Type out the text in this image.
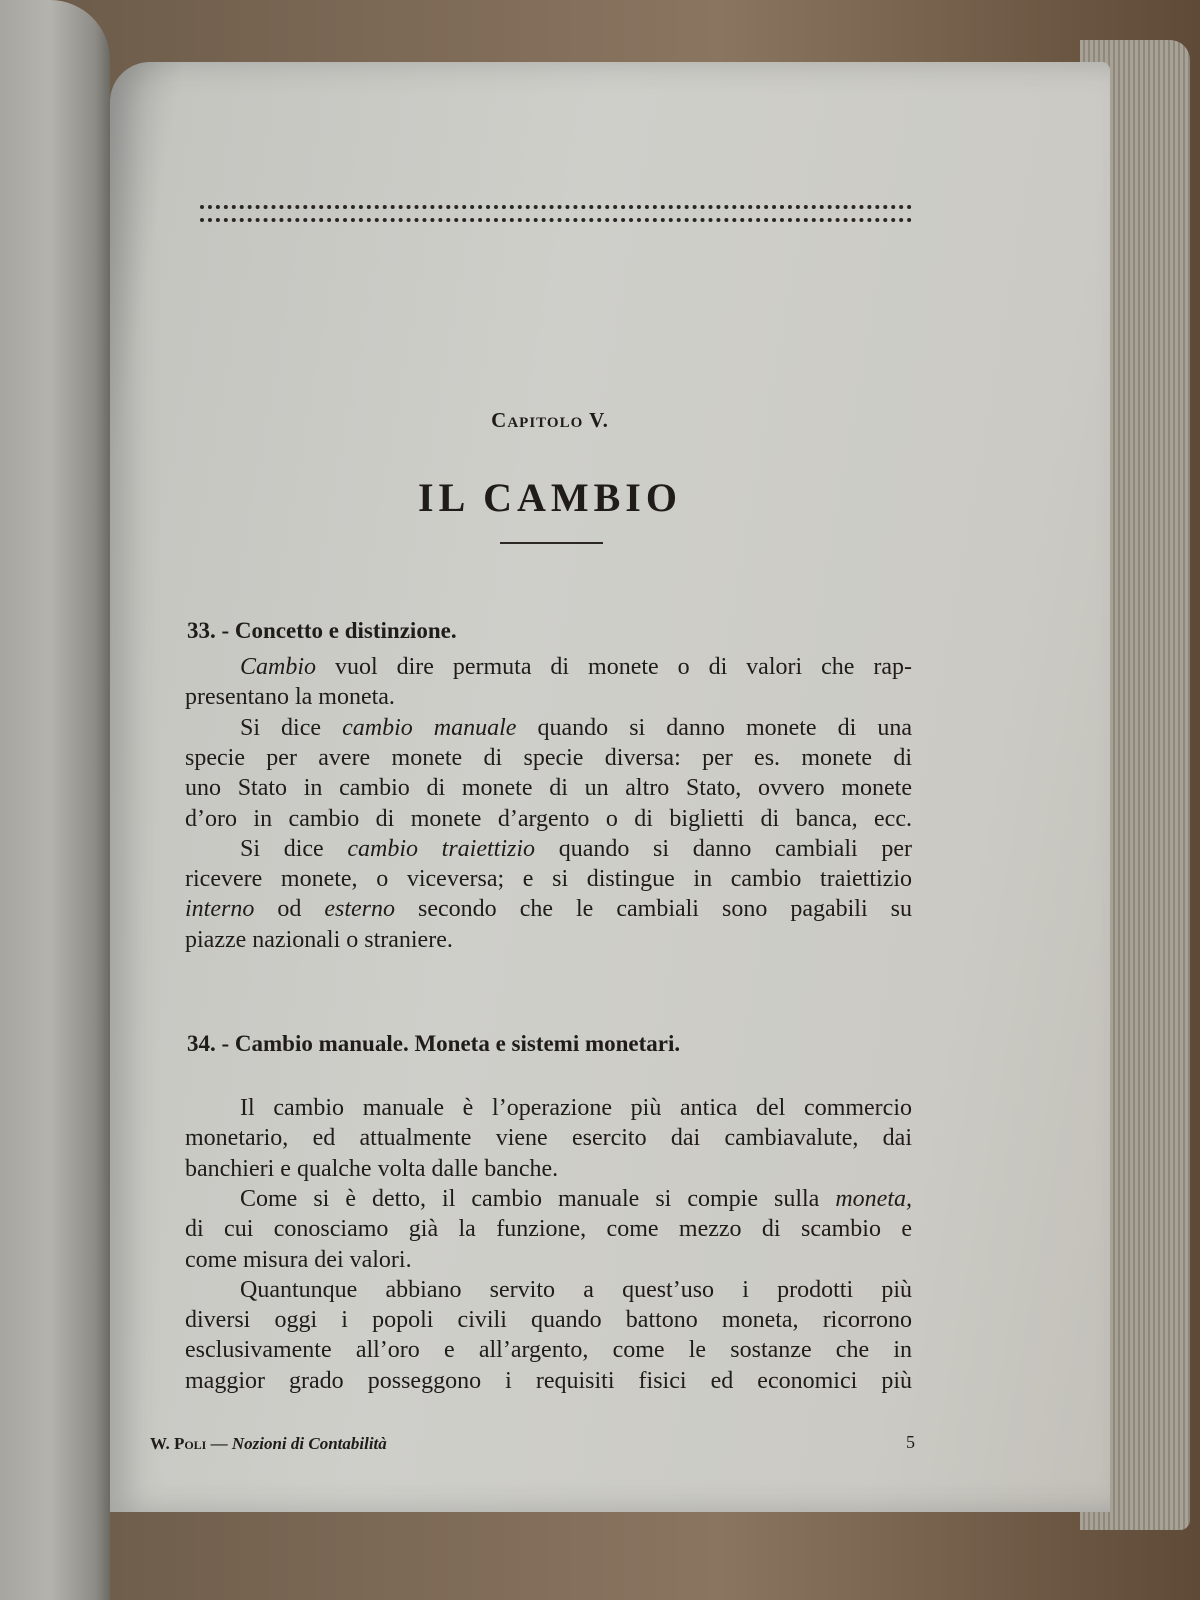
Capitolo V.
IL CAMBIO
33. - Concetto e distinzione.
Cambio vuol dire permuta di monete o di valori che rap-
presentano la moneta.
Si dice cambio manuale quando si danno monete di una
specie per avere monete di specie diversa: per es. monete di
uno Stato in cambio di monete di un altro Stato, ovvero monete
d’oro in cambio di monete d’argento o di biglietti di banca, ecc.
Si dice cambio traiettizio quando si danno cambiali per
ricevere monete, o viceversa; e si distingue in cambio traiettizio
interno od esterno secondo che le cambiali sono pagabili su
piazze nazionali o straniere.
34. - Cambio manuale. Moneta e sistemi monetari.
Il cambio manuale è l’operazione più antica del commercio
monetario, ed attualmente viene esercito dai cambiavalute, dai
banchieri e qualche volta dalle banche.
Come si è detto, il cambio manuale si compie sulla moneta,
di cui conosciamo già la funzione, come mezzo di scambio e
come misura dei valori.
Quantunque abbiano servito a quest’uso i prodotti più
diversi oggi i popoli civili quando battono moneta, ricorrono
esclusivamente all’oro e all’argento, come le sostanze che in
maggior grado posseggono i requisiti fisici ed economici più
W. Poli — Nozioni di Contabilità	5
